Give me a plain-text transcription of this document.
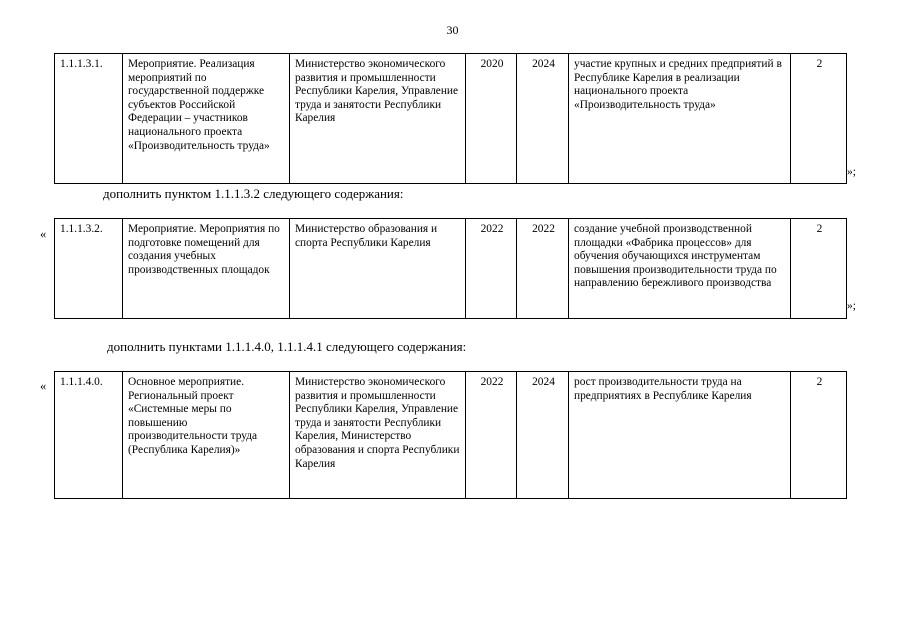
30
1.1.1.3.1.	Мероприятие. Реализация мероприятий по государственной поддержке субъектов Российской Федерации – участников национального проекта «Производительность труда»	Министерство экономического развития и промышленности Республики Карелия, Управление труда и занятости Республики Карелия	2020	2024	участие крупных и средних предприятий в Республике Карелия в реализации национального проекта «Производительность труда»	2
»;
дополнить пунктом 1.1.1.3.2 следующего содержания:
« 1.1.1.3.2.	Мероприятие. Мероприятия по подготовке помещений для создания учебных производственных площадок	Министерство образования и спорта Республики Карелия	2022	2022	создание учебной производственной площадки «Фабрика процессов» для обучения обучающихся инструментам повышения производительности труда по направлению бережливого производства	2
»;
дополнить пунктами 1.1.1.4.0, 1.1.1.4.1 следующего содержания:
« 1.1.1.4.0.	Основное мероприятие. Региональный проект «Системные меры по повышению производительности труда (Республика Карелия)»	Министерство экономического развития и промышленности Республики Карелия, Управление труда и занятости Республики Карелия, Министерство образования и спорта Республики Карелия	2022	2024	рост производительности труда на предприятиях в Республике Карелия	2
